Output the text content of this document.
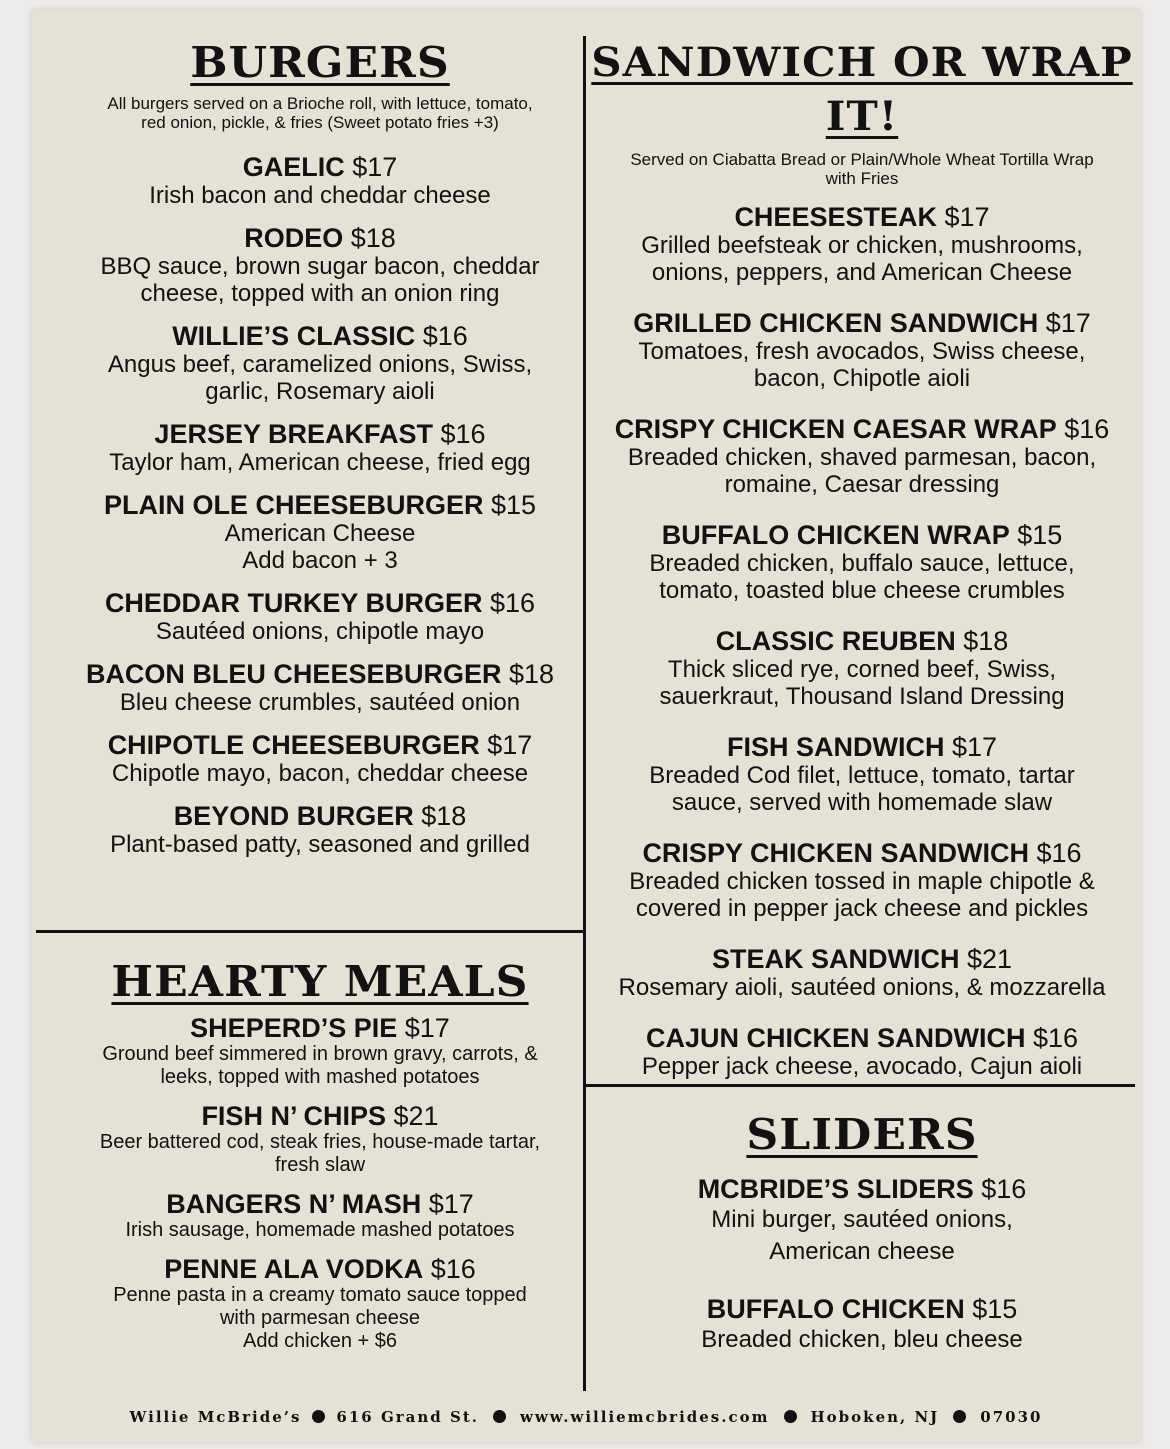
BURGERS

All burgers served on a Brioche roll, with lettuce, tomato,
red onion, pickle, & fries (Sweet potato fries +3)

GAELIC $17
Irish bacon and cheddar cheese
RODEO $18
BBQ sauce, brown sugar bacon, cheddar
cheese, topped with an onion ring
WILLIE’S CLASSIC $16
Angus beef, caramelized onions, Swiss,
garlic, Rosemary aioli
JERSEY BREAKFAST $16
Taylor ham, American cheese, fried egg
PLAIN OLE CHEESEBURGER $15
American Cheese
Add bacon + 3
CHEDDAR TURKEY BURGER $16
Sautéed onions, chipotle mayo
BACON BLEU CHEESEBURGER $18
Bleu cheese crumbles, sautéed onion
CHIPOTLE CHEESEBURGER $17
Chipotle mayo, bacon, cheddar cheese
BEYOND BURGER $18
Plant-based patty, seasoned and grilled
HEARTY MEALS
SHEPERD’S PIE $17
Ground beef simmered in brown gravy, carrots, &
leeks, topped with mashed potatoes
FISH N’ CHIPS $21
Beer battered cod, steak fries, house-made tartar,
fresh slaw
BANGERS N’ MASH $17
Irish sausage, homemade mashed potatoes
PENNE ALA VODKA $16
Penne pasta in a creamy tomato sauce topped
with parmesan cheese
Add chicken + $6
SANDWICH OR WRAP IT!

Served on Ciabatta Bread or Plain/Whole Wheat Tortilla Wrap
with Fries

CHEESESTEAK $17
Grilled beefsteak or chicken, mushrooms,
onions, peppers, and American Cheese
GRILLED CHICKEN SANDWICH $17
Tomatoes, fresh avocados, Swiss cheese,
bacon, Chipotle aioli
CRISPY CHICKEN CAESAR WRAP $16
Breaded chicken, shaved parmesan, bacon,
romaine, Caesar dressing
BUFFALO CHICKEN WRAP $15
Breaded chicken, buffalo sauce, lettuce,
tomato, toasted blue cheese crumbles
CLASSIC REUBEN $18
Thick sliced rye, corned beef, Swiss,
sauerkraut, Thousand Island Dressing
FISH SANDWICH $17
Breaded Cod filet, lettuce, tomato, tartar
sauce, served with homemade slaw
CRISPY CHICKEN SANDWICH $16
Breaded chicken tossed in maple chipotle &
covered in pepper jack cheese and pickles
STEAK SANDWICH $21
Rosemary aioli, sautéed onions, & mozzarella
CAJUN CHICKEN SANDWICH $16
Pepper jack cheese, avocado, Cajun aioli
SLIDERS
MCBRIDE’S SLIDERS $16
Mini burger, sautéed onions,
American cheese
BUFFALO CHICKEN $15
Breaded chicken, bleu cheese
Willie McBride’s 616 Grand St.	www.williemcbrides.com	Hoboken, NJ	07030
